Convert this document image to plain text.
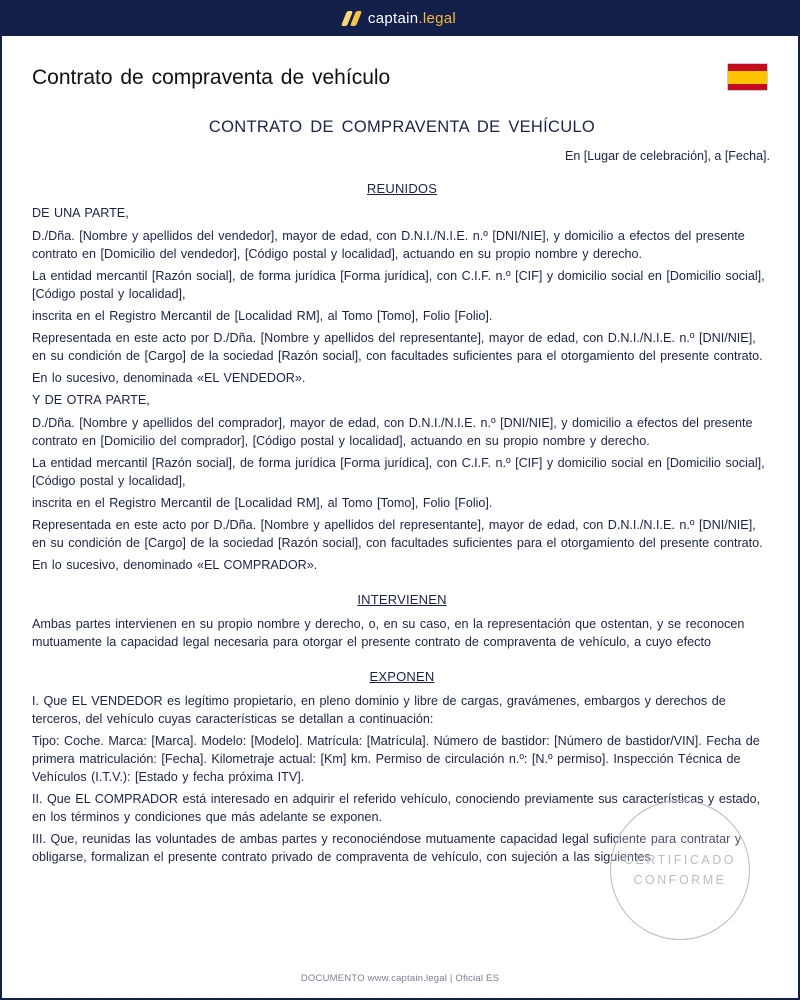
captain.legal
Contrato de compraventa de vehículo
CONTRATO DE COMPRAVENTA DE VEHÍCULO
En [Lugar de celebración], a [Fecha].
REUNIDOS

DE UNA PARTE,

D./Dña. [Nombre y apellidos del vendedor], mayor de edad, con D.N.I./N.I.E. n.º [DNI/NIE], y domicilio a efectos del presente contrato en [Domicilio del vendedor], [Código postal y localidad], actuando en su propio nombre y derecho.

La entidad mercantil [Razón social], de forma jurídica [Forma jurídica], con C.I.F. n.º [CIF] y domicilio social en [Domicilio social], [Código postal y localidad],

inscrita en el Registro Mercantil de [Localidad RM], al Tomo [Tomo], Folio [Folio].

Representada en este acto por D./Dña. [Nombre y apellidos del representante], mayor de edad, con D.N.I./N.I.E. n.º [DNI/NIE], en su condición de [Cargo] de la sociedad [Razón social], con facultades suficientes para el otorgamiento del presente contrato.

En lo sucesivo, denominada «EL VENDEDOR».

Y DE OTRA PARTE,

D./Dña. [Nombre y apellidos del comprador], mayor de edad, con D.N.I./N.I.E. n.º [DNI/NIE], y domicilio a efectos del presente contrato en [Domicilio del comprador], [Código postal y localidad], actuando en su propio nombre y derecho.

La entidad mercantil [Razón social], de forma jurídica [Forma jurídica], con C.I.F. n.º [CIF] y domicilio social en [Domicilio social], [Código postal y localidad],

inscrita en el Registro Mercantil de [Localidad RM], al Tomo [Tomo], Folio [Folio].

Representada en este acto por D./Dña. [Nombre y apellidos del representante], mayor de edad, con D.N.I./N.I.E. n.º [DNI/NIE], en su condición de [Cargo] de la sociedad [Razón social], con facultades suficientes para el otorgamiento del presente contrato.

En lo sucesivo, denominado «EL COMPRADOR».

INTERVIENEN

Ambas partes intervienen en su propio nombre y derecho, o, en su caso, en la representación que ostentan, y se reconocen mutuamente la capacidad legal necesaria para otorgar el presente contrato de compraventa de vehículo, a cuyo efecto

EXPONEN

I. Que EL VENDEDOR es legítimo propietario, en pleno dominio y libre de cargas, gravámenes, embargos y derechos de terceros, del vehículo cuyas características se detallan a continuación:

Tipo: Coche. Marca: [Marca]. Modelo: [Modelo]. Matrícula: [Matrícula]. Número de bastidor: [Número de bastidor/VIN]. Fecha de primera matriculación: [Fecha]. Kilometraje actual: [Km] km. Permiso de circulación n.º: [N.º permiso]. Inspección Técnica de Vehículos (I.T.V.): [Estado y fecha próxima ITV].

II. Que EL COMPRADOR está interesado en adquirir el referido vehículo, conociendo previamente sus características y estado, en los términos y condiciones que más adelante se exponen.

III. Que, reunidas las voluntades de ambas partes y reconociéndose mutuamente capacidad legal suficiente para contratar y obligarse, formalizan el presente contrato privado de compraventa de vehículo, con sujeción a las siguientes

CERTIFICADO
CONFORME
DOCUMENTO www.captain.legal | Oficial ES
